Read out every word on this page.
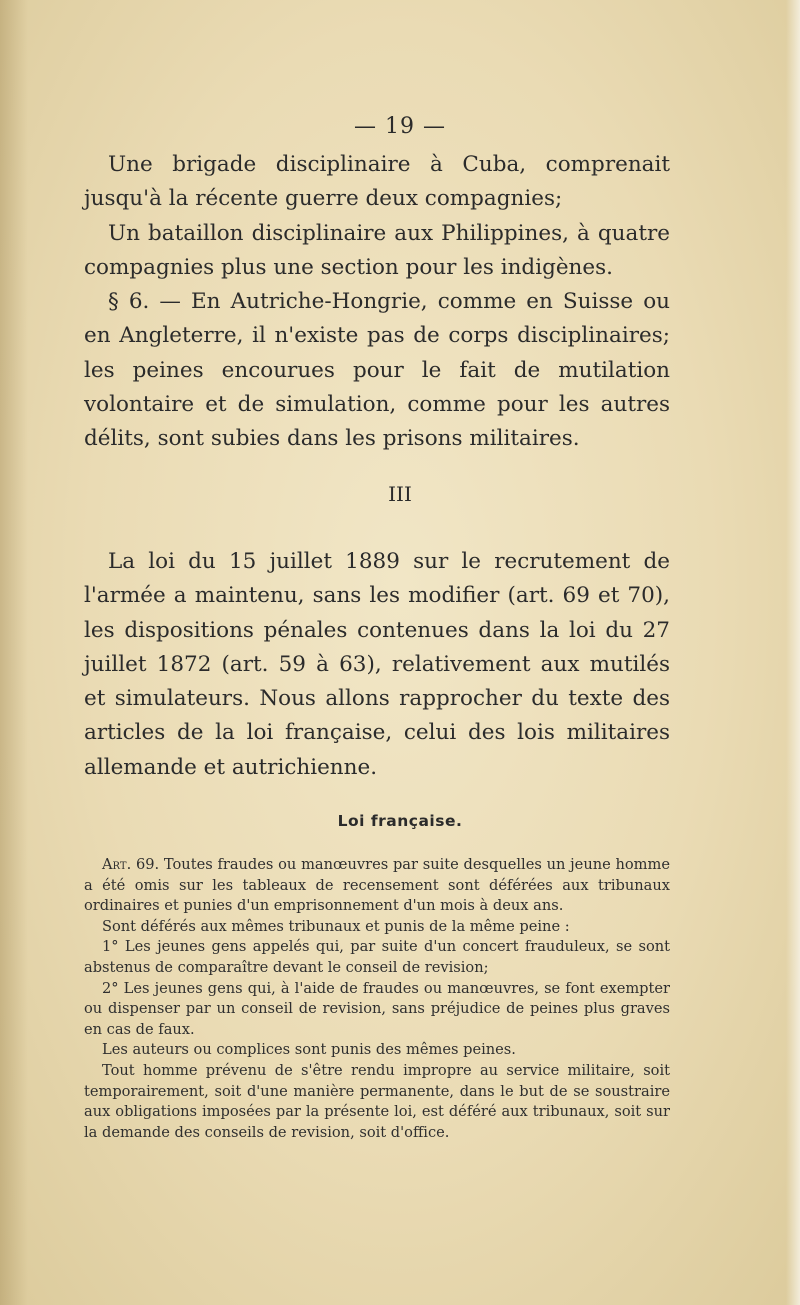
— 19 —

Une brigade disciplinaire à Cuba, comprenait jusqu'à la récente guerre deux compagnies;

Un bataillon disciplinaire aux Philippines, à quatre compagnies plus une section pour les indigènes.

§ 6. — En Autriche-Hongrie, comme en Suisse ou en Angleterre, il n'existe pas de corps disciplinaires; les peines encourues pour le fait de mutilation volontaire et de simulation, comme pour les autres délits, sont subies dans les prisons militaires.

III

La loi du 15 juillet 1889 sur le recrutement de l'armée a maintenu, sans les modifier (art. 69 et 70), les dispositions pénales contenues dans la loi du 27 juillet 1872 (art. 59 à 63), relativement aux mutilés et simulateurs. Nous allons rapprocher du texte des articles de la loi française, celui des lois militaires allemande et autrichienne.

Loi française.

Art. 69. Toutes fraudes ou manœuvres par suite desquelles un jeune homme a été omis sur les tableaux de recensement sont déférées aux tribunaux ordinaires et punies d'un emprisonnement d'un mois à deux ans.

Sont déférés aux mêmes tribunaux et punis de la même peine :

1° Les jeunes gens appelés qui, par suite d'un concert frauduleux, se sont abstenus de comparaître devant le conseil de revision;

2° Les jeunes gens qui, à l'aide de fraudes ou manœuvres, se font exempter ou dispenser par un conseil de revision, sans préjudice de peines plus graves en cas de faux.

Les auteurs ou complices sont punis des mêmes peines.

Tout homme prévenu de s'être rendu impropre au service militaire, soit temporairement, soit d'une manière permanente, dans le but de se soustraire aux obligations imposées par la présente loi, est déféré aux tribunaux, soit sur la demande des conseils de revision, soit d'office.
